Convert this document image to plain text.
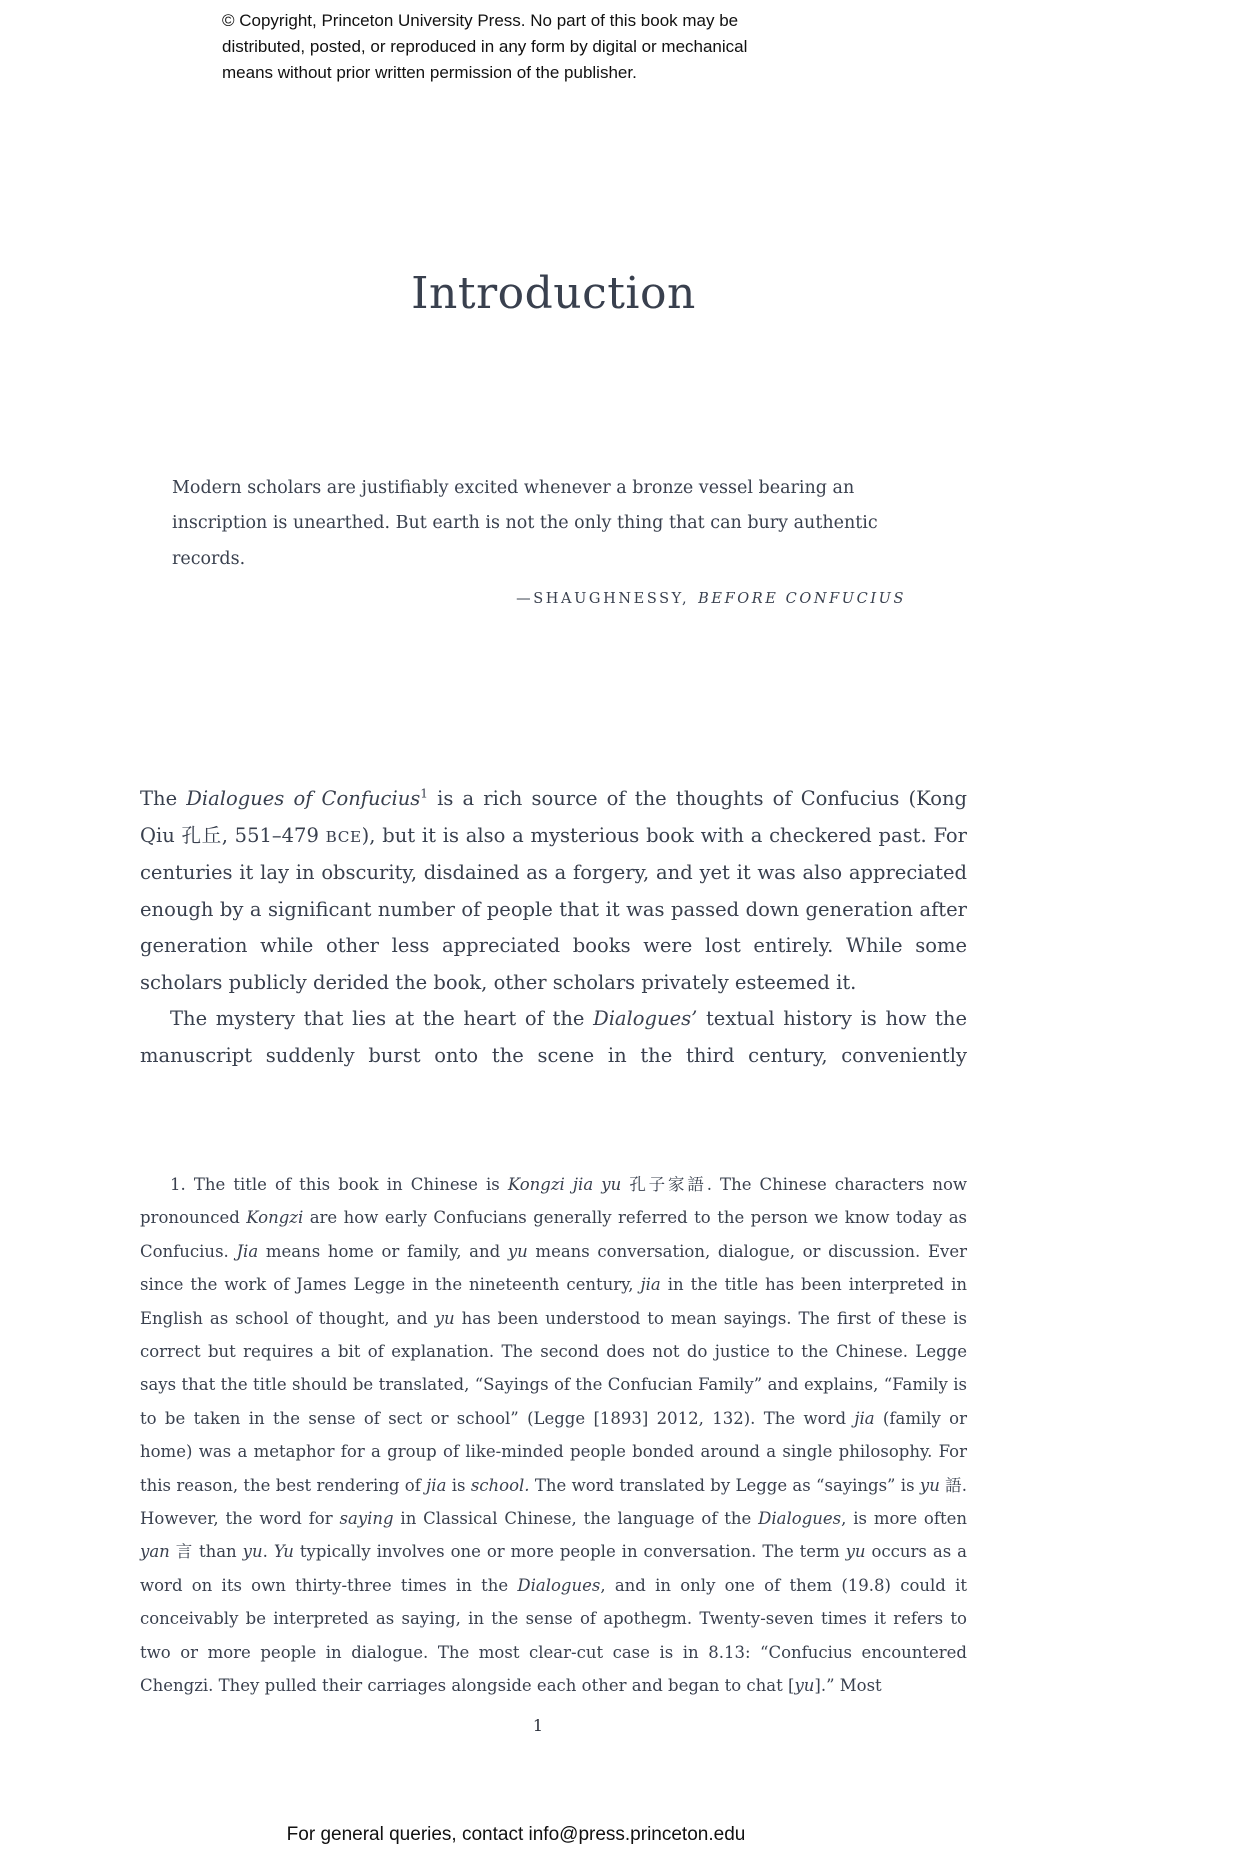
© Copyright, Princeton University Press. No part of this book may be
distributed, posted, or reproduced in any form by digital or mechanical
means without prior written permission of the publisher.
Introduction
Modern scholars are justifiably excited whenever a bronze vessel bearing an
inscription is unearthed. But earth is not the only thing that can bury authentic
records.
—SHAUGHNESSY, BEFORE CONFUCIUS

The Dialogues of Confucius$^1$ is a rich source of the thoughts of Confucius (Kong Qiu 孔丘, 551–479 BCE), but it is also a mysterious book with a checkered past. For centuries it lay in obscurity, disdained as a forgery, and yet it was also appreciated enough by a significant number of people that it was passed down generation after generation while other less appreciated books were lost entirely. While some scholars publicly derided the book, other scholars privately esteemed it.

The mystery that lies at the heart of the Dialogues’ textual history is how the manuscript suddenly burst onto the scene in the third century, conveniently

1. The title of this book in Chinese is Kongzi jia yu 孔子家語. The Chinese characters now pronounced Kongzi are how early Confucians generally referred to the person we know today as Confucius. Jia means home or family, and yu means conversation, dialogue, or discussion. Ever since the work of James Legge in the nineteenth century, jia in the title has been interpreted in English as school of thought, and yu has been understood to mean sayings. The first of these is correct but requires a bit of explanation. The second does not do justice to the Chinese. Legge says that the title should be translated, “Sayings of the Confucian Family” and explains, “Family is to be taken in the sense of sect or school” (Legge [1893] 2012, 132). The word jia (family or home) was a metaphor for a group of like-minded people bonded around a single philosophy. For this reason, the best rendering of jia is school. The word translated by Legge as “sayings” is yu 語. However, the word for saying in Classical Chinese, the language of the Dialogues, is more often yan 言 than yu. Yu typically involves one or more people in conversation. The term yu occurs as a word on its own thirty-three times in the Dialogues, and in only one of them (19.8) could it conceivably be interpreted as saying, in the sense of apothegm. Twenty-seven times it refers to two or more people in dialogue. The most clear-cut case is in 8.13: “Confucius encountered Chengzi. They pulled their carriages alongside each other and began to chat [yu].” Most
1
For general queries, contact info@press.princeton.edu
